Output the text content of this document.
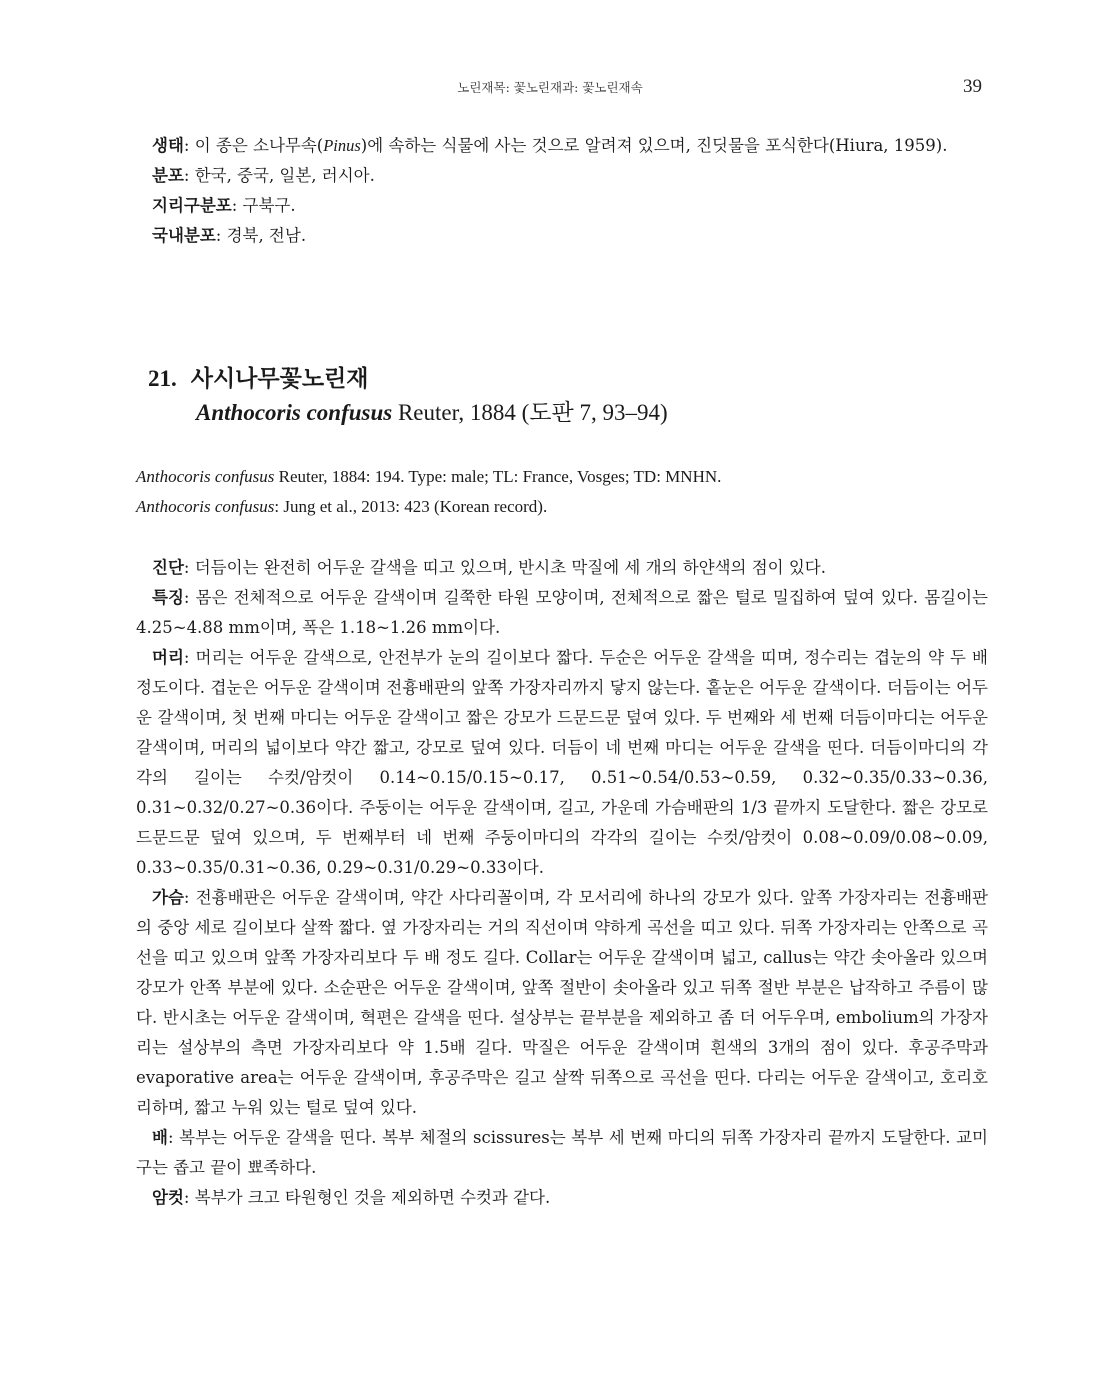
노린재목: 꽃노린재과: 꽃노린재속	39

생태: 이 종은 소나무속(Pinus)에 속하는 식물에 사는 것으로 알려져 있으며, 진딧물을 포식한다(Hiura, 1959).

분포: 한국, 중국, 일본, 러시아.

지리구분포: 구북구.

국내분포: 경북, 전남.

21. 사시나무꽃노린재
Anthocoris confusus Reuter, 1884 (도판 7, 93–94)

Anthocoris confusus Reuter, 1884: 194. Type: male; TL: France, Vosges; TD: MNHN.

Anthocoris confusus: Jung et al., 2013: 423 (Korean record).

진단: 더듬이는 완전히 어두운 갈색을 띠고 있으며, 반시초 막질에 세 개의 하얀색의 점이 있다.

특징: 몸은 전체적으로 어두운 갈색이며 길쭉한 타원 모양이며, 전체적으로 짧은 털로 밀집하여 덮여 있다. 몸길이는 4.25~4.88 mm이며, 폭은 1.18~1.26 mm이다.

머리: 머리는 어두운 갈색으로, 안전부가 눈의 길이보다 짧다. 두순은 어두운 갈색을 띠며, 정수리는 겹눈의 약 두 배 정도이다. 겹눈은 어두운 갈색이며 전흉배판의 앞쪽 가장자리까지 닿지 않는다. 홑눈은 어두운 갈색이다. 더듬이는 어두운 갈색이며, 첫 번째 마디는 어두운 갈색이고 짧은 강모가 드문드문 덮여 있다. 두 번째와 세 번째 더듬이마디는 어두운 갈색이며, 머리의 넓이보다 약간 짧고, 강모로 덮여 있다. 더듬이 네 번째 마디는 어두운 갈색을 띤다. 더듬이마디의 각각의 길이는 수컷/암컷이 0.14~0.15/0.15~0.17, 0.51~0.54/0.53~0.59, 0.32~0.35/0.33~0.36, 0.31~0.32/0.27~0.36이다. 주둥이는 어두운 갈색이며, 길고, 가운데 가슴배판의 1/3 끝까지 도달한다. 짧은 강모로 드문드문 덮여 있으며, 두 번째부터 네 번째 주둥이마디의 각각의 길이는 수컷/암컷이 0.08~0.09/0.08~0.09, 0.33~0.35/0.31~0.36, 0.29~0.31/0.29~0.33이다.

가슴: 전흉배판은 어두운 갈색이며, 약간 사다리꼴이며, 각 모서리에 하나의 강모가 있다. 앞쪽 가장자리는 전흉배판의 중앙 세로 길이보다 살짝 짧다. 옆 가장자리는 거의 직선이며 약하게 곡선을 띠고 있다. 뒤쪽 가장자리는 안쪽으로 곡선을 띠고 있으며 앞쪽 가장자리보다 두 배 정도 길다. Collar는 어두운 갈색이며 넓고, callus는 약간 솟아올라 있으며 강모가 안쪽 부분에 있다. 소순판은 어두운 갈색이며, 앞쪽 절반이 솟아올라 있고 뒤쪽 절반 부분은 납작하고 주름이 많다. 반시초는 어두운 갈색이며, 혁편은 갈색을 띤다. 설상부는 끝부분을 제외하고 좀 더 어두우며, embolium의 가장자리는 설상부의 측면 가장자리보다 약 1.5배 길다. 막질은 어두운 갈색이며 흰색의 3개의 점이 있다. 후공주막과 evaporative area는 어두운 갈색이며, 후공주막은 길고 살짝 뒤쪽으로 곡선을 띤다. 다리는 어두운 갈색이고, 호리호리하며, 짧고 누워 있는 털로 덮여 있다.

배: 복부는 어두운 갈색을 띤다. 복부 체절의 scissures는 복부 세 번째 마디의 뒤쪽 가장자리 끝까지 도달한다. 교미구는 좁고 끝이 뾰족하다.

암컷: 복부가 크고 타원형인 것을 제외하면 수컷과 같다.
